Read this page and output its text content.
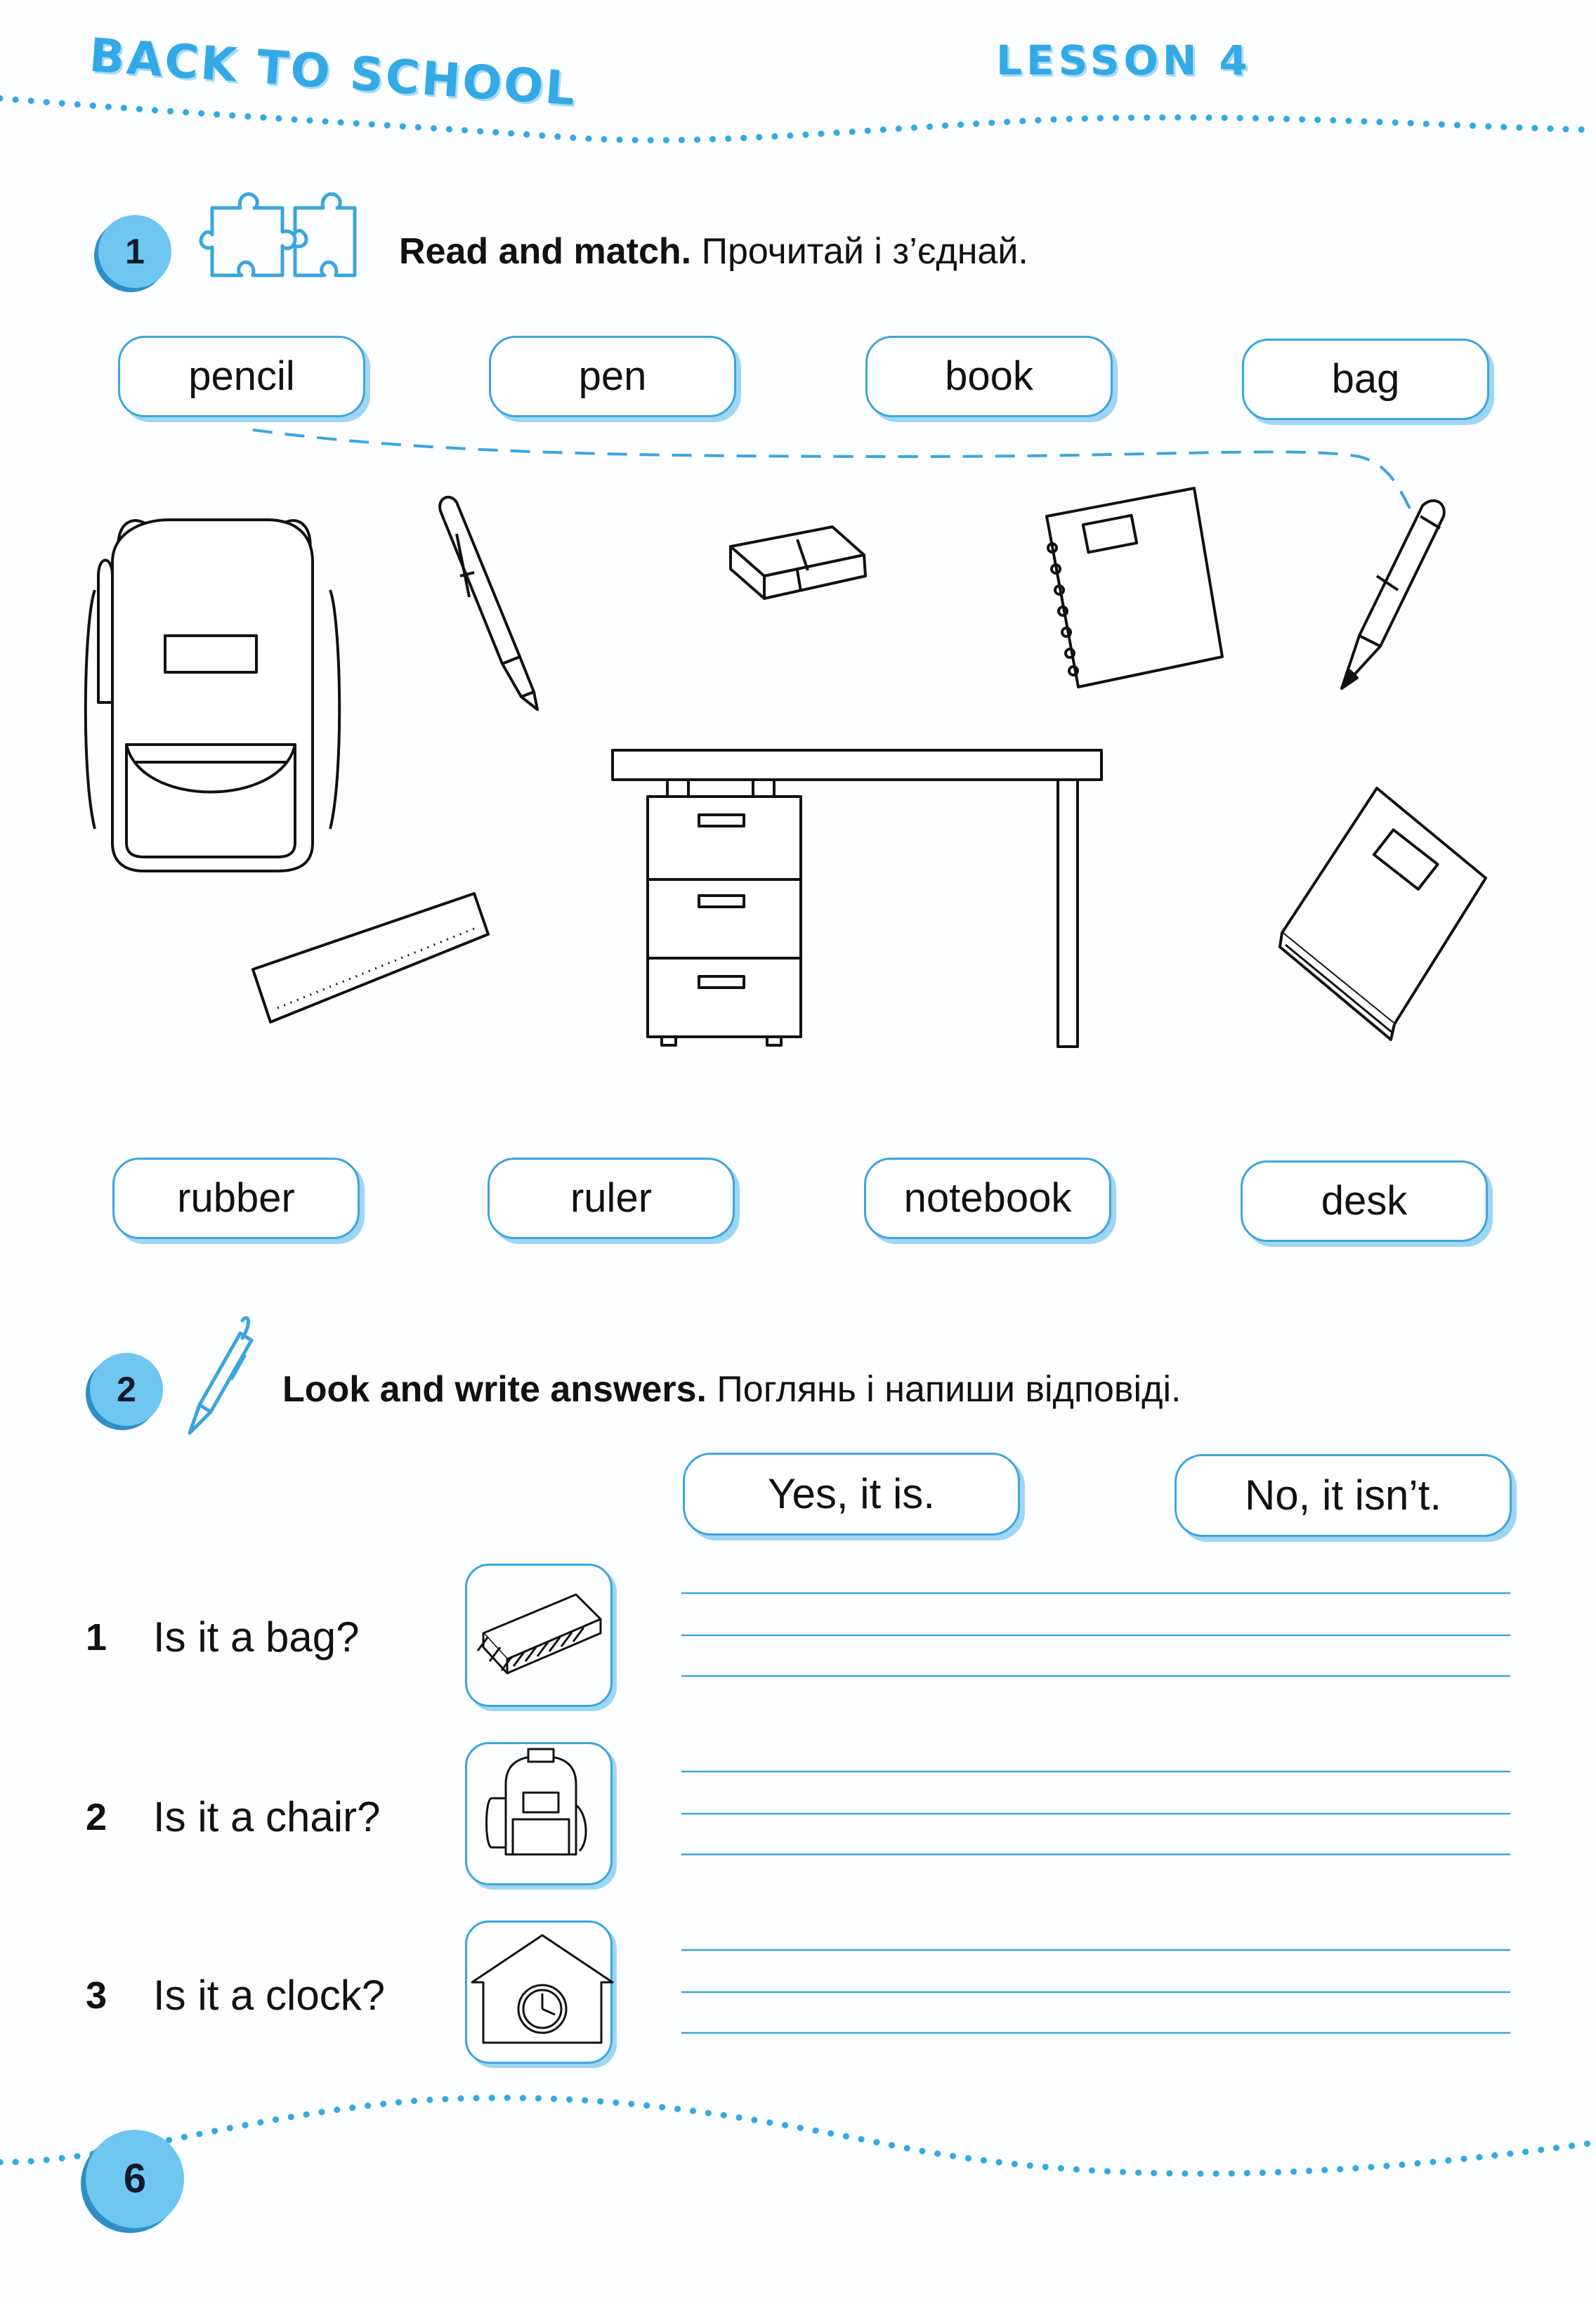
BACK TO SCHOOL	LESSON 4
1	Read and match. Прочитай і з’єднай.
pencil	pen	book	bag
rubber	ruler	notebook	desk
2	Look and write answers. Поглянь і напиши відповіді.
Yes, it is.	No, it isn’t.
1 Is it a bag?
2 Is it a chair?
3 Is it a clock?
6
